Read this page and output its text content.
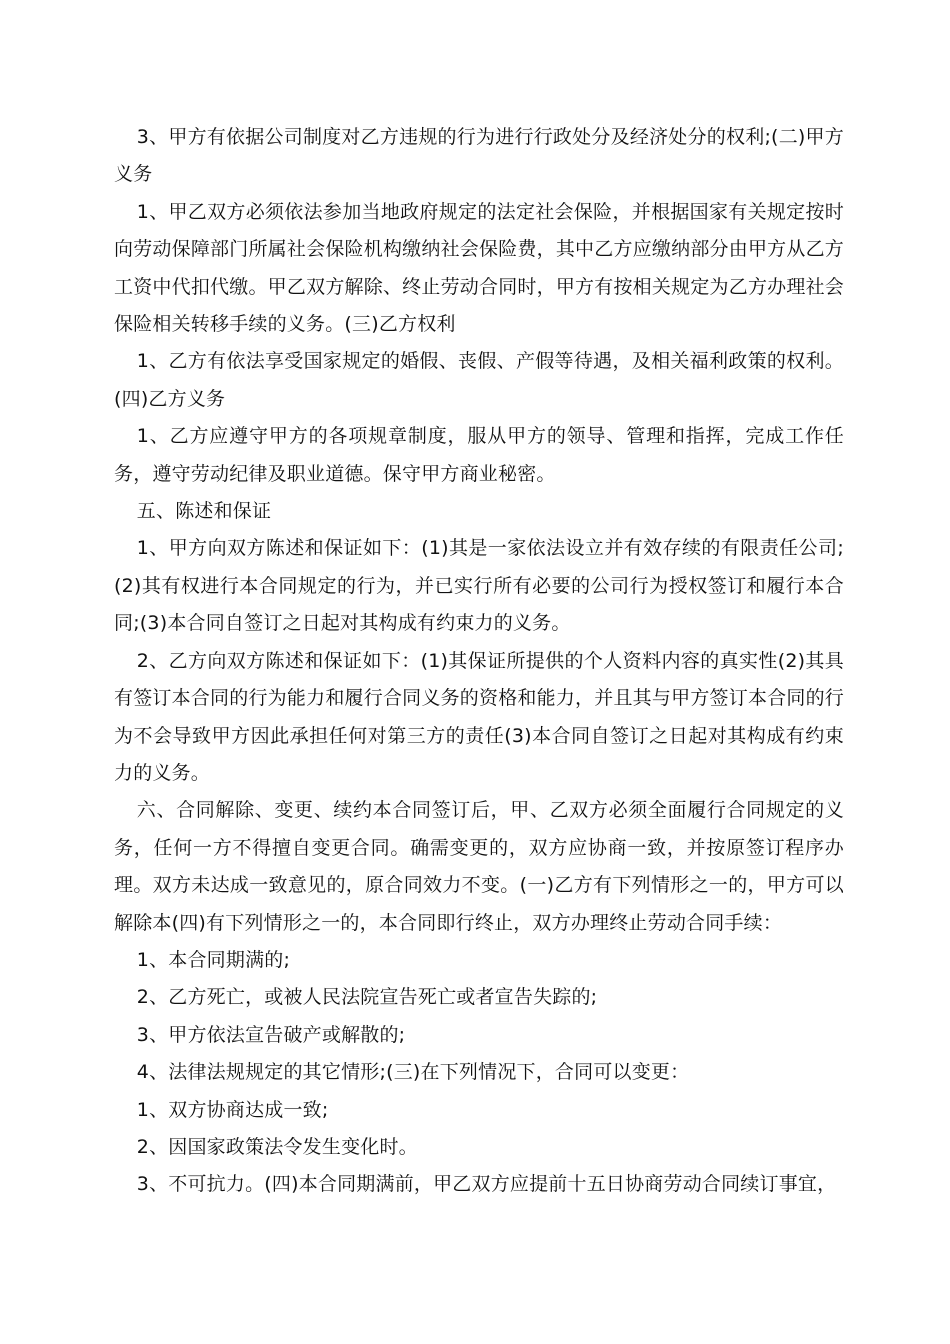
3、甲方有依据公司制度对乙方违规的行为进行行政处分及经济处分的权利;(二)甲方义务

1、甲乙双方必须依法参加当地政府规定的法定社会保险，并根据国家有关规定按时向劳动保障部门所属社会保险机构缴纳社会保险费，其中乙方应缴纳部分由甲方从乙方工资中代扣代缴。甲乙双方解除、终止劳动合同时，甲方有按相关规定为乙方办理社会保险相关转移手续的义务。(三)乙方权利

1、乙方有依法享受国家规定的婚假、丧假、产假等待遇，及相关福利政策的权利。(四)乙方义务

1、乙方应遵守甲方的各项规章制度，服从甲方的领导、管理和指挥，完成工作任务，遵守劳动纪律及职业道德。保守甲方商业秘密。

五、陈述和保证

1、甲方向双方陈述和保证如下：(1)其是一家依法设立并有效存续的有限责任公司;(2)其有权进行本合同规定的行为，并已实行所有必要的公司行为授权签订和履行本合同;(3)本合同自签订之日起对其构成有约束力的义务。

2、乙方向双方陈述和保证如下：(1)其保证所提供的个人资料内容的真实性(2)其具有签订本合同的行为能力和履行合同义务的资格和能力，并且其与甲方签订本合同的行为不会导致甲方因此承担任何对第三方的责任(3)本合同自签订之日起对其构成有约束力的义务。

六、合同解除、变更、续约本合同签订后，甲、乙双方必须全面履行合同规定的义务，任何一方不得擅自变更合同。确需变更的，双方应协商一致，并按原签订程序办理。双方未达成一致意见的，原合同效力不变。(一)乙方有下列情形之一的，甲方可以解除本(四)有下列情形之一的，本合同即行终止，双方办理终止劳动合同手续：

1、本合同期满的;

2、乙方死亡，或被人民法院宣告死亡或者宣告失踪的;

3、甲方依法宣告破产或解散的;

4、法律法规规定的其它情形;(三)在下列情况下，合同可以变更：

1、双方协商达成一致;

2、因国家政策法令发生变化时。

3、不可抗力。(四)本合同期满前，甲乙双方应提前十五日协商劳动合同续订事宜，
